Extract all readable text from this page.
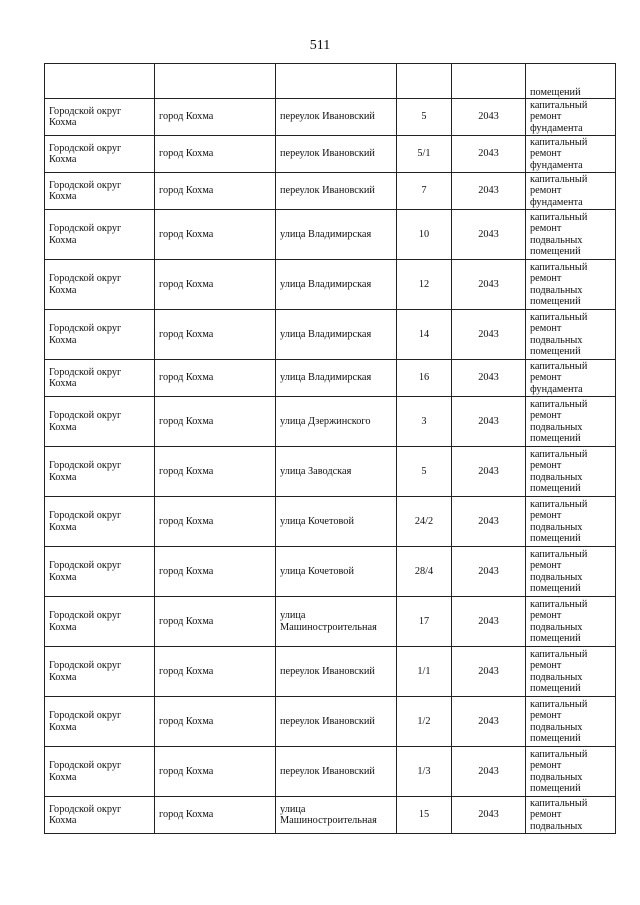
511

					помещений

Городской округ Кохма	город Кохма	переулок Ивановский	5	2043	капитальный
ремонт
фундамента

Городской округ Кохма	город Кохма	переулок Ивановский	5/1	2043	капитальный
ремонт
фундамента

Городской округ Кохма	город Кохма	переулок Ивановский	7	2043	капитальный
ремонт
фундамента

Городской округ Кохма	город Кохма	улица Владимирская	10	2043	капитальный
ремонт
подвальных
помещений

Городской округ Кохма	город Кохма	улица Владимирская	12	2043	капитальный
ремонт
подвальных
помещений

Городской округ Кохма	город Кохма	улица Владимирская	14	2043	капитальный
ремонт
подвальных
помещений

Городской округ Кохма	город Кохма	улица Владимирская	16	2043	капитальный
ремонт
фундамента

Городской округ Кохма	город Кохма	улица Дзержинского	3	2043	капитальный
ремонт
подвальных
помещений

Городской округ Кохма	город Кохма	улица Заводская	5	2043	капитальный
ремонт
подвальных
помещений

Городской округ Кохма	город Кохма	улица Кочетовой	24/2	2043	капитальный
ремонт
подвальных
помещений

Городской округ Кохма	город Кохма	улица Кочетовой	28/4	2043	капитальный
ремонт
подвальных
помещений

Городской округ Кохма	город Кохма	улица Машиностроительная	17	2043	капитальный
ремонт
подвальных
помещений

Городской округ Кохма	город Кохма	переулок Ивановский	1/1	2043	капитальный
ремонт
подвальных
помещений

Городской округ Кохма	город Кохма	переулок Ивановский	1/2	2043	капитальный
ремонт
подвальных
помещений

Городской округ Кохма	город Кохма	переулок Ивановский	1/3	2043	капитальный
ремонт
подвальных
помещений

Городской округ Кохма	город Кохма	улица Машиностроительная	15	2043	капитальный
ремонт
подвальных
